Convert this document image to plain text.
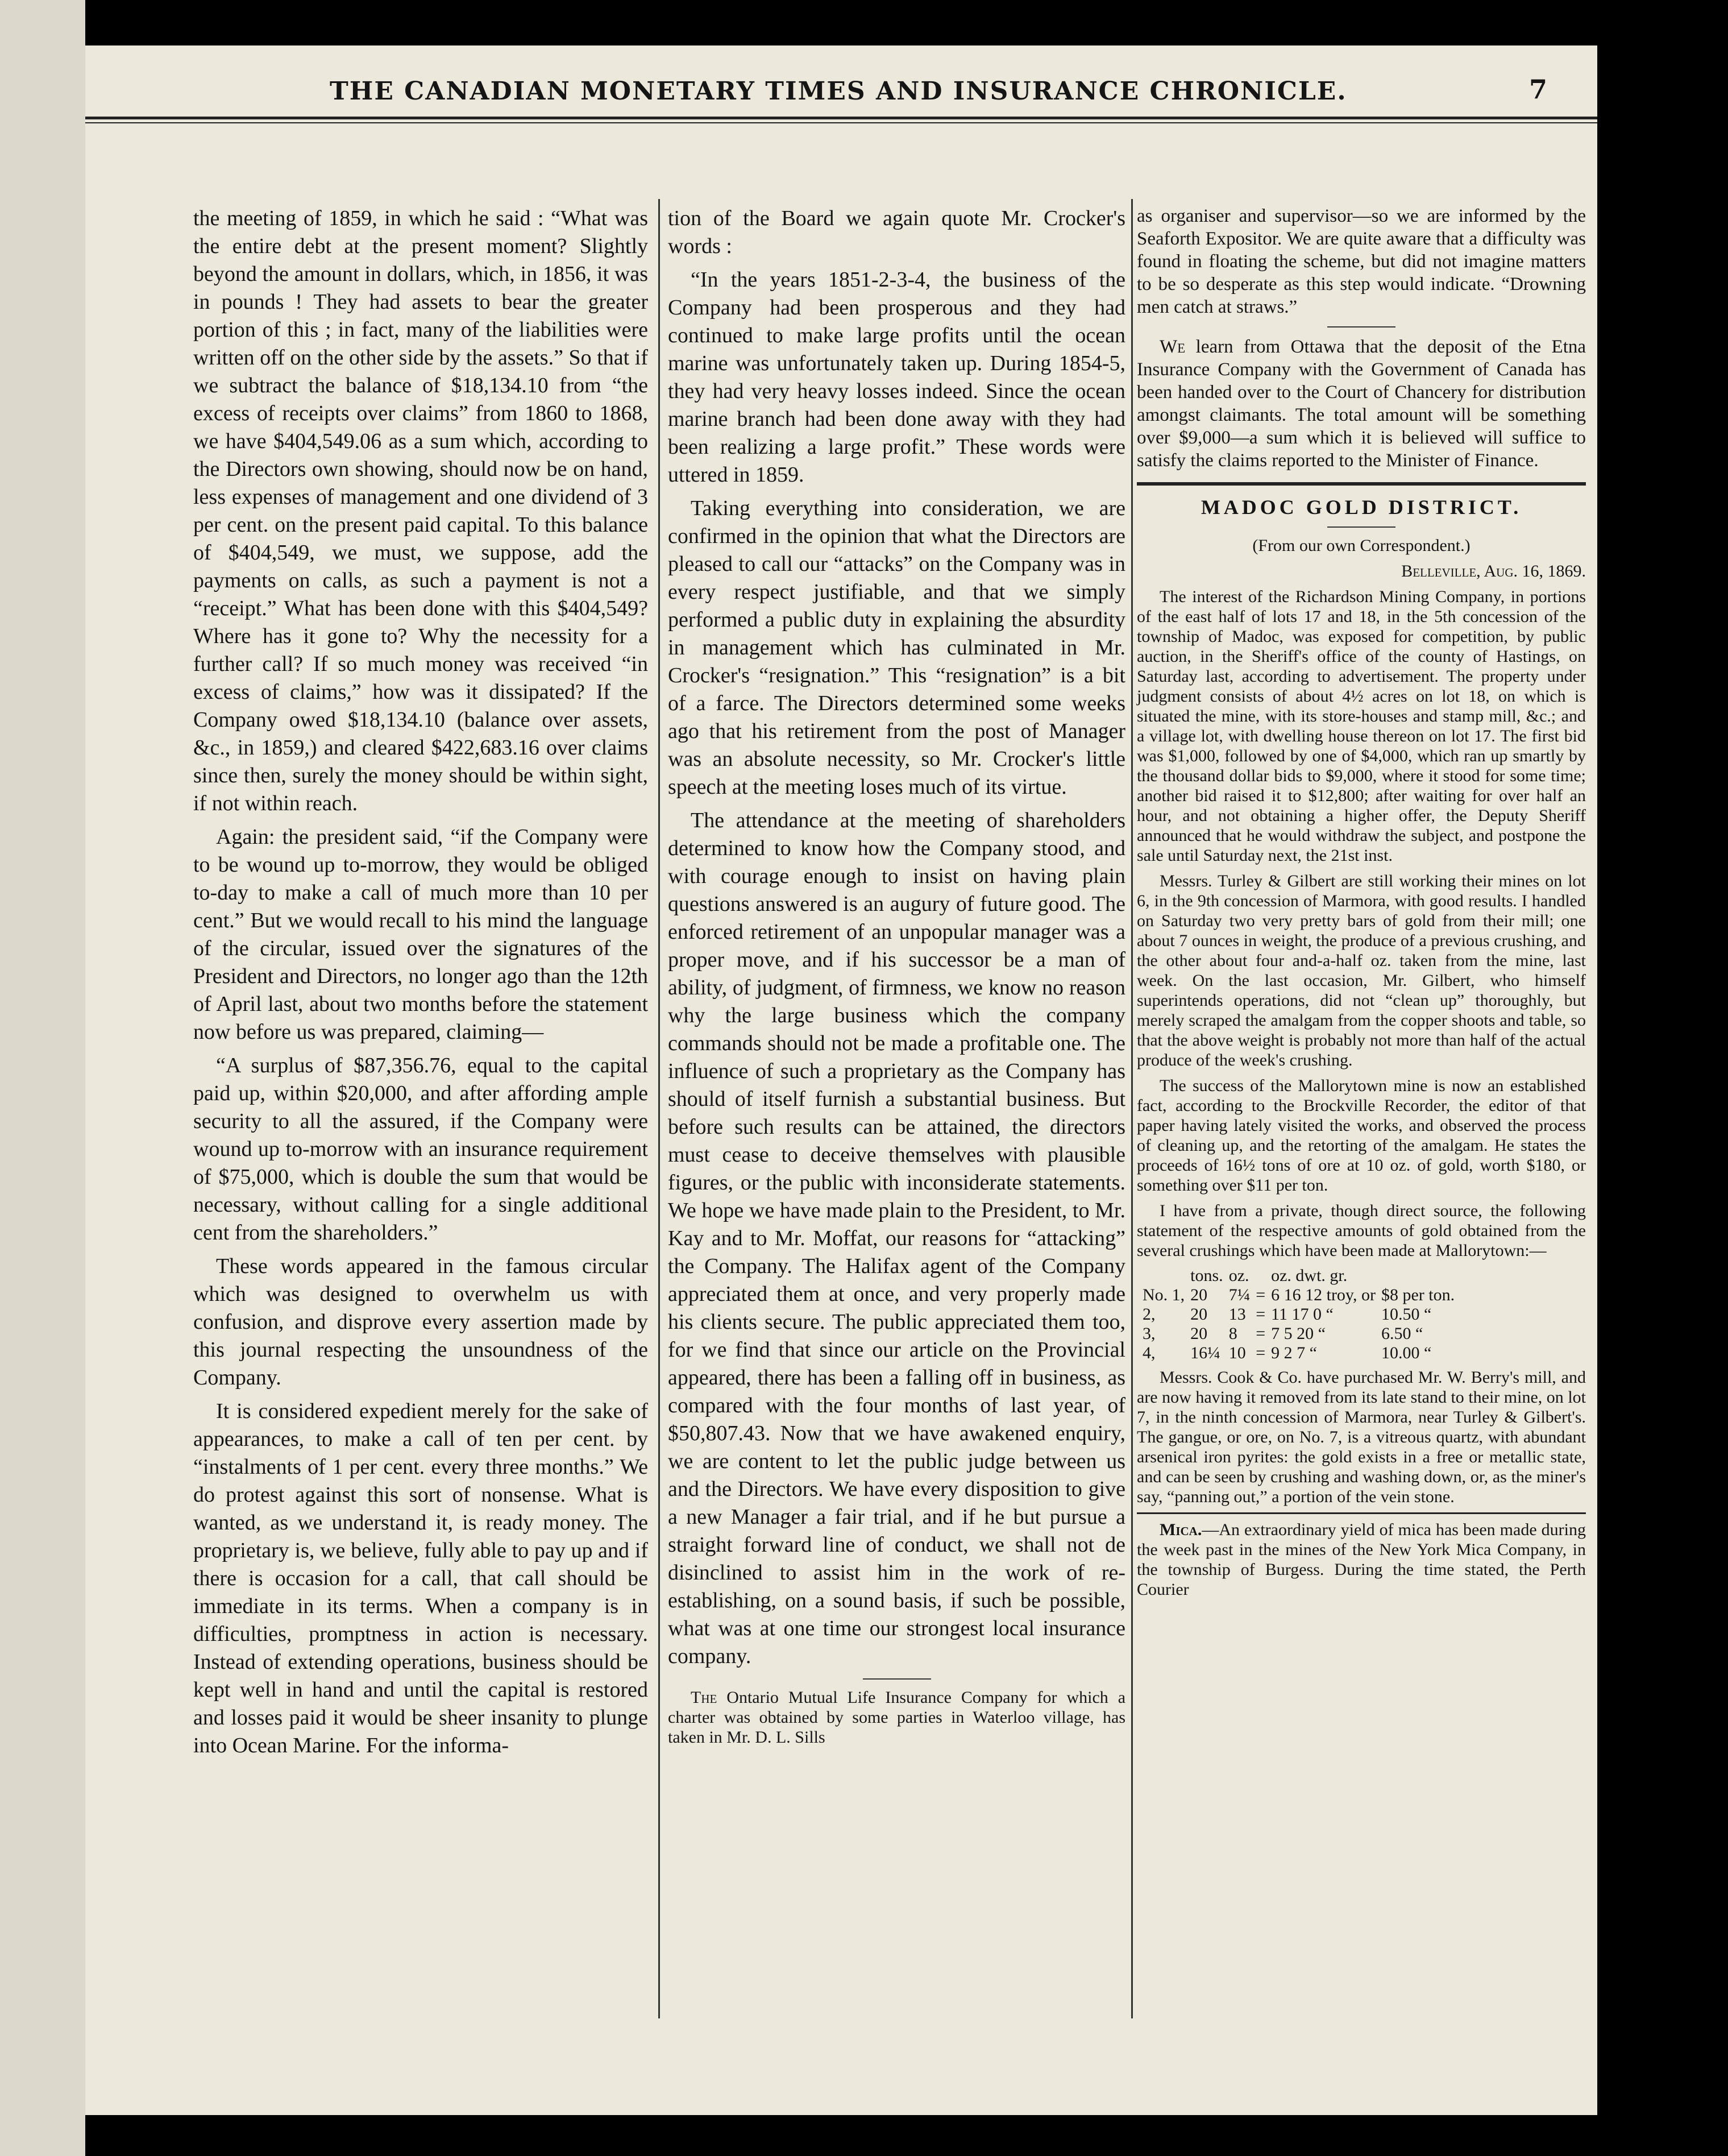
THE CANADIAN MONETARY TIMES AND INSURANCE CHRONICLE.	7

the meeting of 1859, in which he said : “What was the entire debt at the present moment? Slightly beyond the amount in dollars, which, in 1856, it was in pounds ! They had assets to bear the greater portion of this ; in fact, many of the liabilities were written off on the other side by the assets.” So that if we subtract the balance of $18,134.10 from “the excess of receipts over claims” from 1860 to 1868, we have $404,549.06 as a sum which, according to the Directors own showing, should now be on hand, less expenses of management and one dividend of 3 per cent. on the present paid capital. To this balance of $404,549, we must, we suppose, add the payments on calls, as such a payment is not a “receipt.” What has been done with this $404,549? Where has it gone to? Why the necessity for a further call? If so much money was received “in excess of claims,” how was it dissipated? If the Company owed $18,134.10 (balance over assets, &c., in 1859,) and cleared $422,683.16 over claims since then, surely the money should be within sight, if not within reach.

Again: the president said, “if the Company were to be wound up to-morrow, they would be obliged to-day to make a call of much more than 10 per cent.” But we would recall to his mind the language of the circular, issued over the signatures of the President and Directors, no longer ago than the 12th of April last, about two months before the statement now before us was prepared, claiming—

“A surplus of $87,356.76, equal to the capital paid up, within $20,000, and after affording ample security to all the assured, if the Company were wound up to-morrow with an insurance requirement of $75,000, which is double the sum that would be necessary, without calling for a single additional cent from the shareholders.”

These words appeared in the famous circular which was designed to overwhelm us with confusion, and disprove every assertion made by this journal respecting the unsoundness of the Company.

It is considered expedient merely for the sake of appearances, to make a call of ten per cent. by “instalments of 1 per cent. every three months.” We do protest against this sort of nonsense. What is wanted, as we understand it, is ready money. The proprietary is, we believe, fully able to pay up and if there is occasion for a call, that call should be immediate in its terms. When a company is in difficulties, promptness in action is necessary. Instead of extending operations, business should be kept well in hand and until the capital is restored and losses paid it would be sheer insanity to plunge into Ocean Marine. For the informa-

tion of the Board we again quote Mr. Crocker's words :

“In the years 1851-2-3-4, the business of the Company had been prosperous and they had continued to make large profits until the ocean marine was unfortunately taken up. During 1854-5, they had very heavy losses indeed. Since the ocean marine branch had been done away with they had been realizing a large profit.” These words were uttered in 1859.

Taking everything into consideration, we are confirmed in the opinion that what the Directors are pleased to call our “attacks” on the Company was in every respect justifiable, and that we simply performed a public duty in explaining the absurdity in management which has culminated in Mr. Crocker's “resignation.” This “resignation” is a bit of a farce. The Directors determined some weeks ago that his retirement from the post of Manager was an absolute necessity, so Mr. Crocker's little speech at the meeting loses much of its virtue.

The attendance at the meeting of shareholders determined to know how the Company stood, and with courage enough to insist on having plain questions answered is an augury of future good. The enforced retirement of an unpopular manager was a proper move, and if his successor be a man of ability, of judgment, of firmness, we know no reason why the large business which the company commands should not be made a profitable one. The influence of such a proprietary as the Company has should of itself furnish a substantial business. But before such results can be attained, the directors must cease to deceive themselves with plausible figures, or the public with inconsiderate statements. We hope we have made plain to the President, to Mr. Kay and to Mr. Moffat, our reasons for “attacking” the Company. The Halifax agent of the Company appreciated them at once, and very properly made his clients secure. The public appreciated them too, for we find that since our article on the Provincial appeared, there has been a falling off in business, as compared with the four months of last year, of $50,807.43. Now that we have awakened enquiry, we are content to let the public judge between us and the Directors. We have every disposition to give a new Manager a fair trial, and if he but pursue a straight forward line of conduct, we shall not de disinclined to assist him in the work of re-establishing, on a sound basis, if such be possible, what was at one time our strongest local insurance company.

The Ontario Mutual Life Insurance Company for which a charter was obtained by some parties in Waterloo village, has taken in Mr. D. L. Sills

as organiser and supervisor—so we are informed by the Seaforth Expositor. We are quite aware that a difficulty was found in floating the scheme, but did not imagine matters to be so desperate as this step would indicate. “Drowning men catch at straws.”

We learn from Ottawa that the deposit of the Etna Insurance Company with the Government of Canada has been handed over to the Court of Chancery for distribution amongst claimants. The total amount will be something over $9,000—a sum which it is believed will suffice to satisfy the claims reported to the Minister of Finance.

MADOC GOLD DISTRICT.

(From our own Correspondent.)

Belleville, Aug. 16, 1869.

The interest of the Richardson Mining Company, in portions of the east half of lots 17 and 18, in the 5th concession of the township of Madoc, was exposed for competition, by public auction, in the Sheriff's office of the county of Hastings, on Saturday last, according to advertisement. The property under judgment consists of about 4½ acres on lot 18, on which is situated the mine, with its store-houses and stamp mill, &c.; and a village lot, with dwelling house thereon on lot 17. The first bid was $1,000, followed by one of $4,000, which ran up smartly by the thousand dollar bids to $9,000, where it stood for some time; another bid raised it to $12,800; after waiting for over half an hour, and not obtaining a higher offer, the Deputy Sheriff announced that he would withdraw the subject, and postpone the sale until Saturday next, the 21st inst.

Messrs. Turley & Gilbert are still working their mines on lot 6, in the 9th concession of Marmora, with good results. I handled on Saturday two very pretty bars of gold from their mill; one about 7 ounces in weight, the produce of a previous crushing, and the other about four and-a-half oz. taken from the mine, last week. On the last occasion, Mr. Gilbert, who himself superintends operations, did not “clean up” thoroughly, but merely scraped the amalgam from the copper shoots and table, so that the above weight is probably not more than half of the actual produce of the week's crushing.

The success of the Mallorytown mine is now an established fact, according to the Brockville Recorder, the editor of that paper having lately visited the works, and observed the process of cleaning up, and the retorting of the amalgam. He states the proceeds of 16½ tons of ore at 10 oz. of gold, worth $180, or something over $11 per ton.

I have from a private, though direct source, the following statement of the respective amounts of gold obtained from the several crushings which have been made at Mallorytown:—

	tons.	oz.		oz. dwt. gr.	
No. 1,	20	7¼	=	6 16 12 troy, or	$8 per ton.
2,	20	13	=	11 17 0 “	10.50 “
3,	20	8	=	7 5 20 “	6.50 “
4,	16¼	10	=	9 2 7 “	10.00 “

Messrs. Cook & Co. have purchased Mr. W. Berry's mill, and are now having it removed from its late stand to their mine, on lot 7, in the ninth concession of Marmora, near Turley & Gilbert's. The gangue, or ore, on No. 7, is a vitreous quartz, with abundant arsenical iron pyrites: the gold exists in a free or metallic state, and can be seen by crushing and washing down, or, as the miner's say, “panning out,” a portion of the vein stone.

Mica.—An extraordinary yield of mica has been made during the week past in the mines of the New York Mica Company, in the township of Burgess. During the time stated, the Perth Courier
